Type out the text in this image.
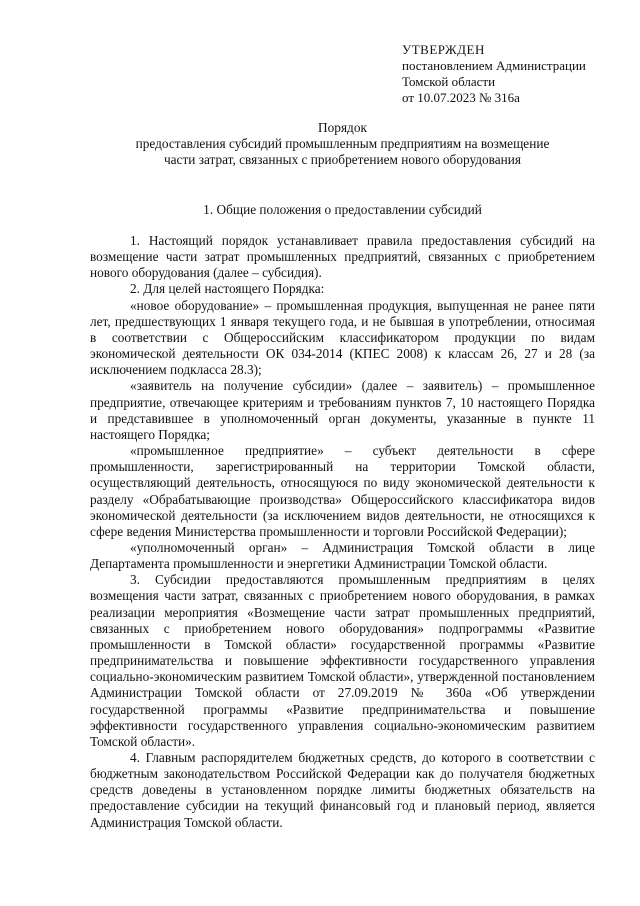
УТВЕРЖДЕН
постановлением Администрации
Томской области
от 10.07.2023 № 316а
Порядок
предоставления субсидий промышленным предприятиям на возмещение
части затрат, связанных с приобретением нового оборудования
1. Общие положения о предоставлении субсидий

1. Настоящий порядок устанавливает правила предоставления субсидий на возмещение части затрат промышленных предприятий, связанных с приобретением нового оборудования (далее – субсидия).

2. Для целей настоящего Порядка:

«новое оборудование» – промышленная продукция, выпущенная не ранее пяти лет, предшествующих 1 января текущего года, и не бывшая в употреблении, относимая в соответствии с Общероссийским классификатором продукции по видам экономической деятельности ОК 034-2014 (КПЕС 2008) к классам 26, 27 и 28 (за исключением подкласса 28.3);

«заявитель на получение субсидии» (далее – заявитель) – промышленное предприятие, отвечающее критериям и требованиям пунктов 7, 10 настоящего Порядка и представившее в уполномоченный орган документы, указанные в пункте 11 настоящего Порядка;

«промышленное предприятие» – субъект деятельности в сфере промышленности, зарегистрированный на территории Томской области, осуществляющий деятельность, относящуюся по виду экономической деятельности к разделу «Обрабатывающие производства» Общероссийского классификатора видов экономической деятельности (за исключением видов деятельности, не относящихся к сфере ведения Министерства промышленности и торговли Российской Федерации);

«уполномоченный орган» – Администрация Томской области в лице Департамента промышленности и энергетики Администрации Томской области.

3. Субсидии предоставляются промышленным предприятиям в целях возмещения части затрат, связанных с приобретением нового оборудования, в рамках реализации мероприятия «Возмещение части затрат промышленных предприятий, связанных с приобретением нового оборудования» подпрограммы «Развитие промышленности в Томской области» государственной программы «Развитие предпринимательства и повышение эффективности государственного управления социально-экономическим развитием Томской области», утвержденной постановлением Администрации Томской области от 27.09.2019 № 360а «Об утверждении государственной программы «Развитие предпринимательства и повышение эффективности государственного управления социально-экономическим развитием Томской области».

4. Главным распорядителем бюджетных средств, до которого в соответствии с бюджетным законодательством Российской Федерации как до получателя бюджетных средств доведены в установленном порядке лимиты бюджетных обязательств на предоставление субсидии на текущий финансовый год и плановый период, является Администрация Томской области.
